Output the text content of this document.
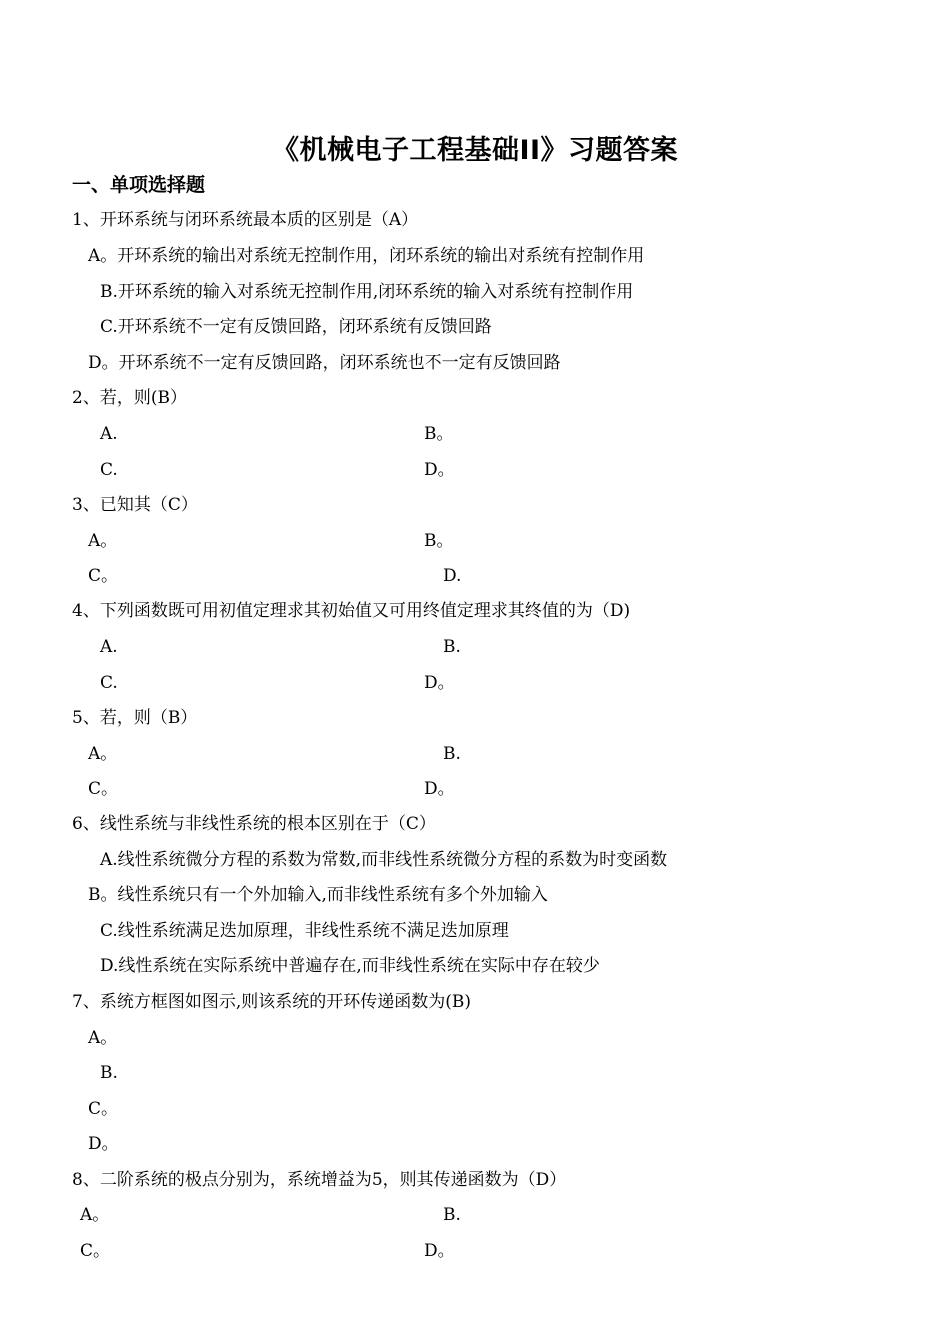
《机械电子工程基础II》习题答案
一、单项选择题
1、开环系统与闭环系统最本质的区别是（A）
A。开环系统的输出对系统无控制作用，闭环系统的输出对系统有控制作用
B.开环系统的输入对系统无控制作用,闭环系统的输入对系统有控制作用
C.开环系统不一定有反馈回路，闭环系统有反馈回路
D。开环系统不一定有反馈回路，闭环系统也不一定有反馈回路
2、若，则(B）
A.	B。
C.	D。
3、已知其（C）
A。	B。
C。	D.
4、下列函数既可用初值定理求其初始值又可用终值定理求其终值的为（D)
A.	B.
C.	D。
5、若，则（B）
A。	B.
C。	D。
6、线性系统与非线性系统的根本区别在于（C）
A.线性系统微分方程的系数为常数,而非线性系统微分方程的系数为时变函数
B。线性系统只有一个外加输入,而非线性系统有多个外加输入
C.线性系统满足迭加原理，非线性系统不满足迭加原理
D.线性系统在实际系统中普遍存在,而非线性系统在实际中存在较少
7、系统方框图如图示,则该系统的开环传递函数为(B)
A。
B.
C。
D。
8、二阶系统的极点分别为，系统增益为5，则其传递函数为（D）
A。	B.
C。	D。
